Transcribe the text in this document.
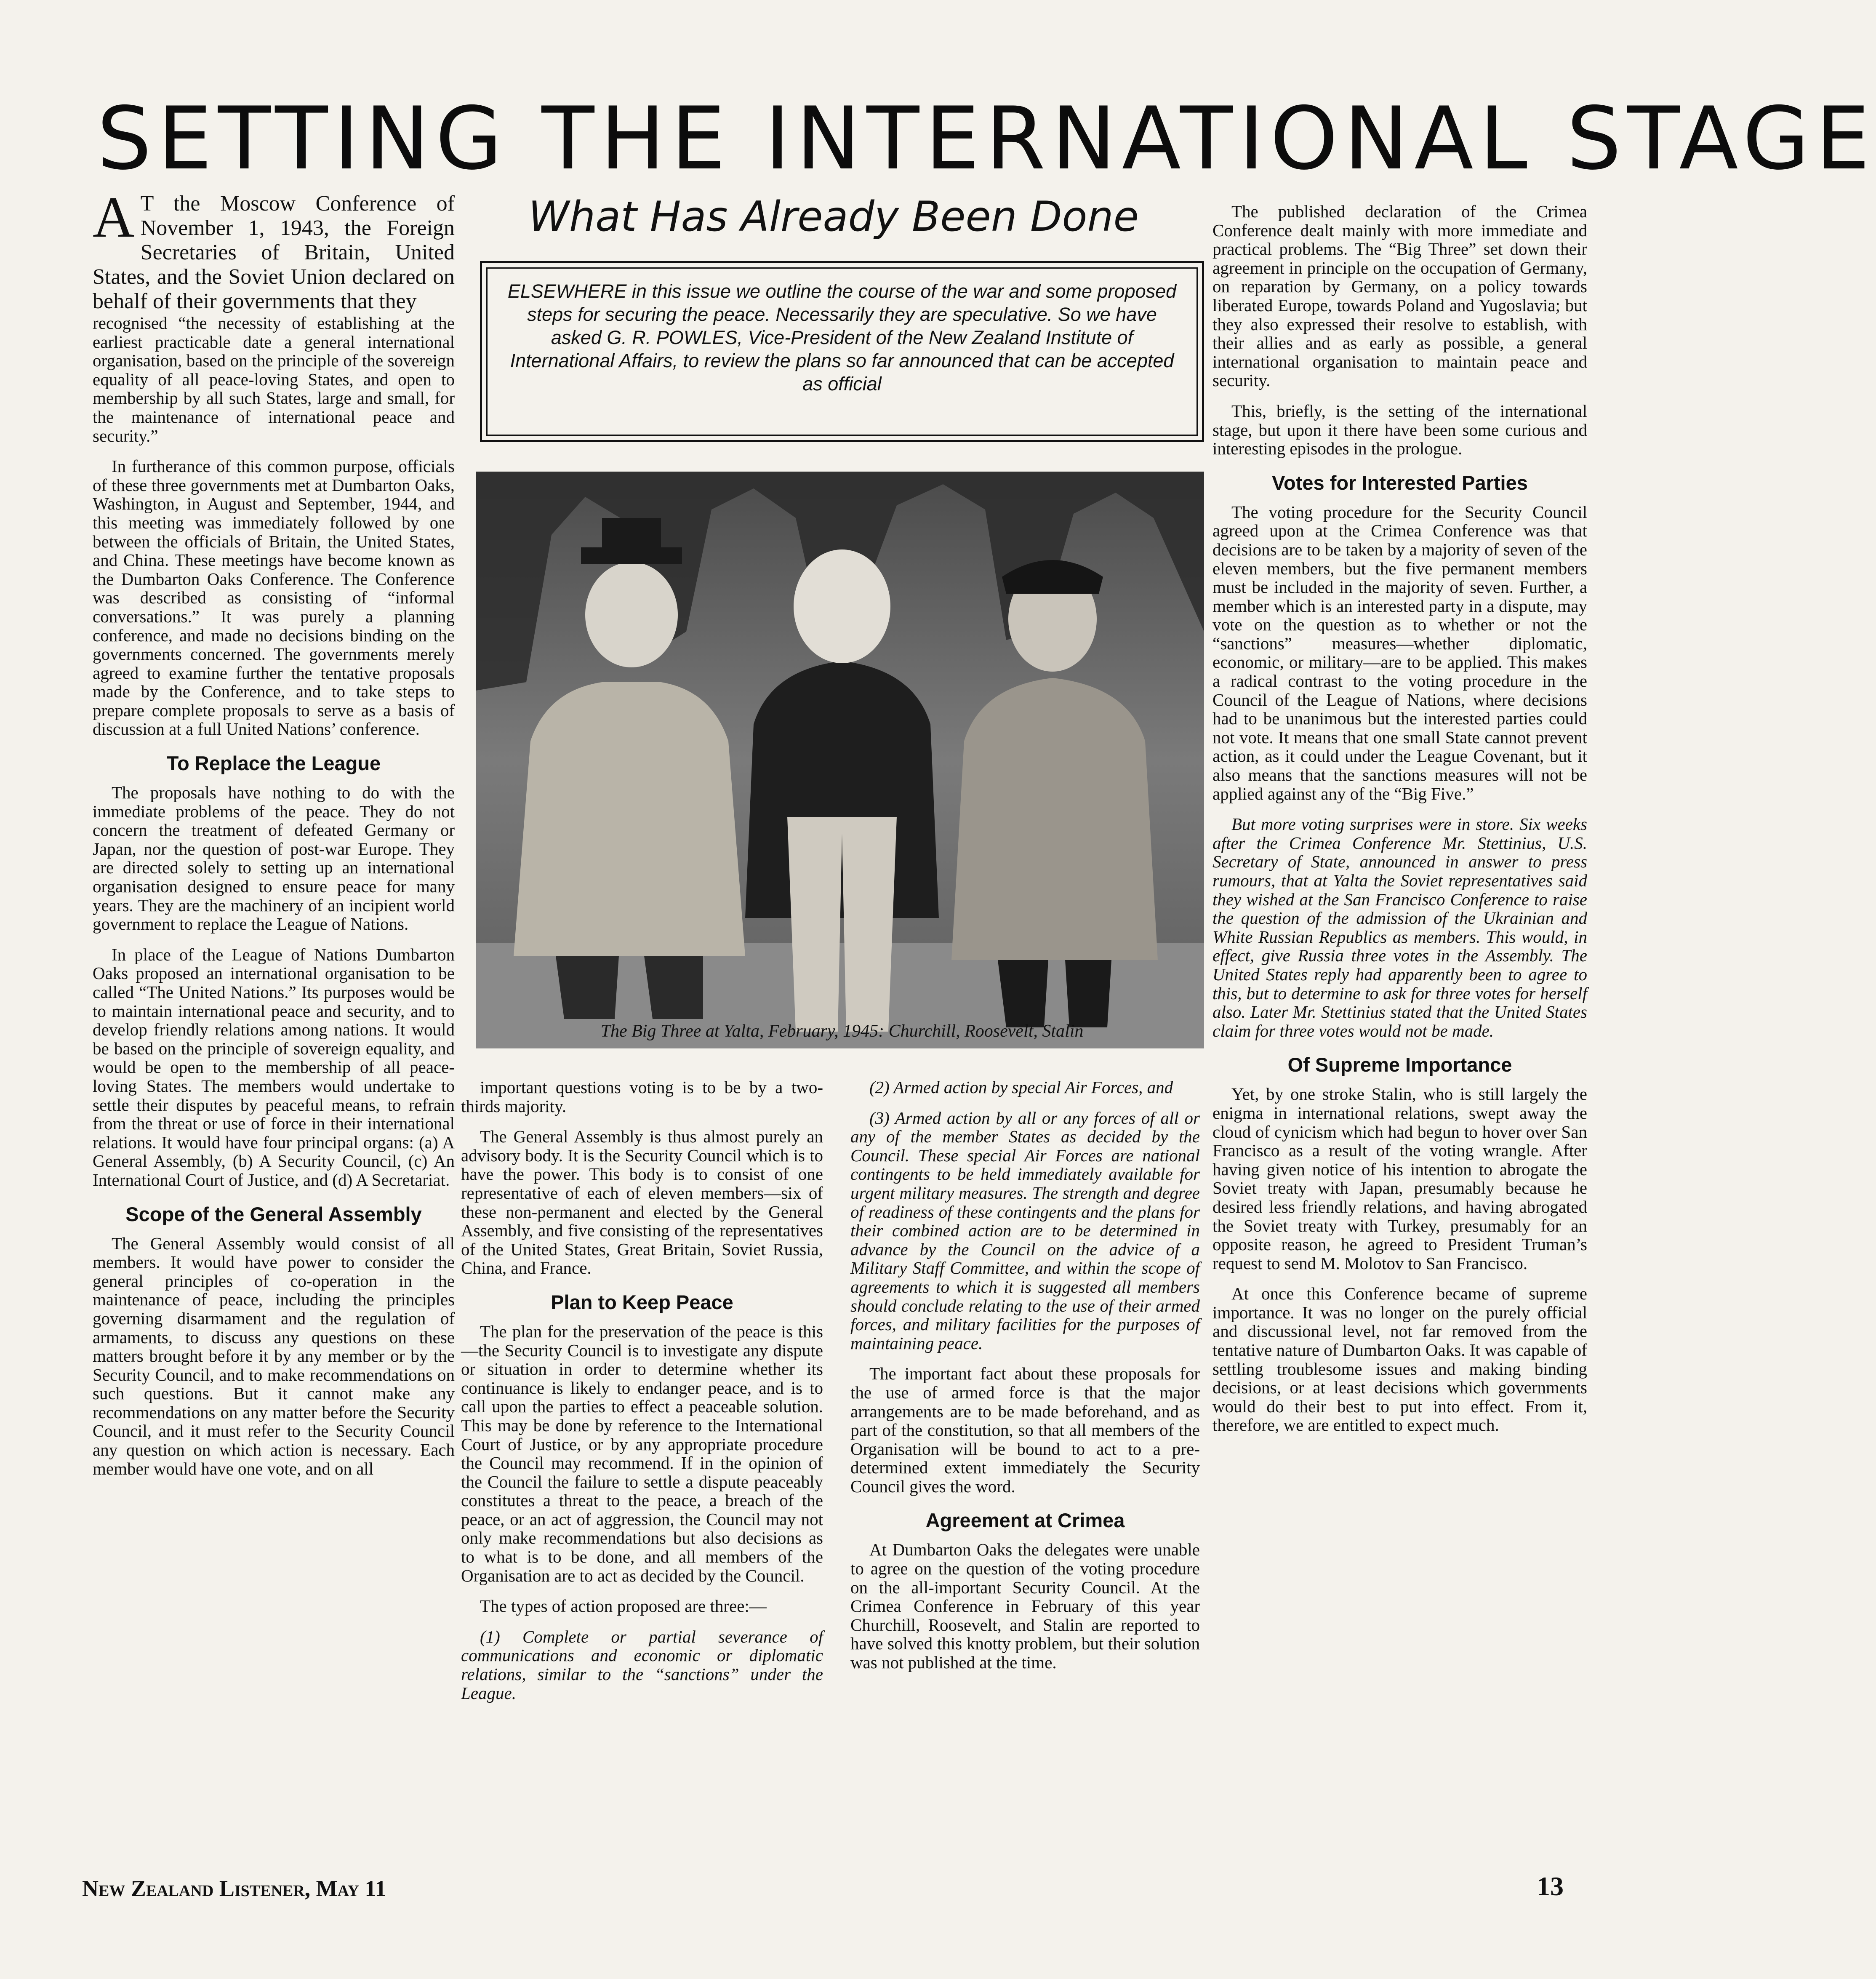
SETTING THE INTERNATIONAL STAGE
A T the Moscow Conference of November 1, 1943, the Foreign Secretaries of Britain, United States, and the Soviet Union declared on behalf of their governments that they

recognised “the necessity of establishing at the earliest practicable date a general international organisation, based on the principle of the sovereign equality of all peace-loving States, and open to membership by all such States, large and small, for the maintenance of international peace and security.”

In furtherance of this common purpose, officials of these three governments met at Dumbarton Oaks, Washington, in August and September, 1944, and this meeting was immediately followed by one between the officials of Britain, the United States, and China. These meetings have become known as the Dumbarton Oaks Conference. The Conference was described as consisting of “informal conversations.” It was purely a planning conference, and made no decisions binding on the governments concerned. The governments merely agreed to examine further the tentative proposals made by the Conference, and to take steps to prepare complete proposals to serve as a basis of discussion at a full United Nations’ conference.

To Replace the League

The proposals have nothing to do with the immediate problems of the peace. They do not concern the treatment of defeated Germany or Japan, nor the question of post-war Europe. They are directed solely to setting up an international organisation designed to ensure peace for many years. They are the machinery of an incipient world government to replace the League of Nations.

In place of the League of Nations Dumbarton Oaks proposed an international organisation to be called “The United Nations.” Its purposes would be to maintain international peace and security, and to develop friendly relations among nations. It would be based on the principle of sovereign equality, and would be open to the membership of all peace-loving States. The members would undertake to settle their disputes by peaceful means, to refrain from the threat or use of force in their international relations. It would have four principal organs: (a) A General Assembly, (b) A Security Council, (c) An International Court of Justice, and (d) A Secretariat.

Scope of the General Assembly

The General Assembly would consist of all members. It would have power to consider the general principles of co-operation in the maintenance of peace, including the principles governing disarmament and the regulation of armaments, to discuss any questions on these matters brought before it by any member or by the Security Council, and to make recommendations on such questions. But it cannot make any recommendations on any matter before the Security Council, and it must refer to the Security Council any question on which action is necessary. Each member would have one vote, and on all

What Has Already Been Done
ELSEWHERE in this issue we outline the course of the war and some proposed steps for securing the peace. Necessarily they are speculative. So we have asked G. R. POWLES, Vice-President of the New Zealand Institute of International Affairs, to review the plans so far announced that can be accepted as official

The Big Three at Yalta, February, 1945: Churchill, Roosevelt, Stalin

important questions voting is to be by a two-thirds majority.

The General Assembly is thus almost purely an advisory body. It is the Security Council which is to have the power. This body is to consist of one representative of each of eleven members—six of these non-permanent and elected by the General Assembly, and five consisting of the representatives of the United States, Great Britain, Soviet Russia, China, and France.

Plan to Keep Peace

The plan for the preservation of the peace is this—the Security Council is to investigate any dispute or situation in order to determine whether its continuance is likely to endanger peace, and is to call upon the parties to effect a peaceable solution. This may be done by reference to the International Court of Justice, or by any appropriate procedure the Council may recommend. If in the opinion of the Council the failure to settle a dispute peaceably constitutes a threat to the peace, a breach of the peace, or an act of aggression, the Council may not only make recommendations but also decisions as to what is to be done, and all members of the Organisation are to act as decided by the Council.

The types of action proposed are three:—

(1) Complete or partial severance of communications and economic or diplomatic relations, similar to the “sanctions” under the League.

(2) Armed action by special Air Forces, and

(3) Armed action by all or any forces of all or any of the member States as decided by the Council. These special Air Forces are national contingents to be held immediately available for urgent military measures. The strength and degree of readiness of these contingents and the plans for their combined action are to be determined in advance by the Council on the advice of a Military Staff Committee, and within the scope of agreements to which it is suggested all members should conclude relating to the use of their armed forces, and military facilities for the purposes of maintaining peace.

The important fact about these proposals for the use of armed force is that the major arrangements are to be made beforehand, and as part of the constitution, so that all members of the Organisation will be bound to act to a pre-determined extent immediately the Security Council gives the word.

Agreement at Crimea

At Dumbarton Oaks the delegates were unable to agree on the question of the voting procedure on the all-important Security Council. At the Crimea Conference in February of this year Churchill, Roosevelt, and Stalin are reported to have solved this knotty problem, but their solution was not published at the time.

The published declaration of the Crimea Conference dealt mainly with more immediate and practical problems. The “Big Three” set down their agreement in principle on the occupation of Germany, on reparation by Germany, on a policy towards liberated Europe, towards Poland and Yugoslavia; but they also expressed their resolve to establish, with their allies and as early as possible, a general international organisation to maintain peace and security.

This, briefly, is the setting of the international stage, but upon it there have been some curious and interesting episodes in the prologue.

Votes for Interested Parties

The voting procedure for the Security Council agreed upon at the Crimea Conference was that decisions are to be taken by a majority of seven of the eleven members, but the five permanent members must be included in the majority of seven. Further, a member which is an interested party in a dispute, may vote on the question as to whether or not the “sanctions” measures—whether diplomatic, economic, or military—are to be applied. This makes a radical contrast to the voting procedure in the Council of the League of Nations, where decisions had to be unanimous but the interested parties could not vote. It means that one small State cannot prevent action, as it could under the League Covenant, but it also means that the sanctions measures will not be applied against any of the “Big Five.”

But more voting surprises were in store. Six weeks after the Crimea Conference Mr. Stettinius, U.S. Secretary of State, announced in answer to press rumours, that at Yalta the Soviet representatives said they wished at the San Francisco Conference to raise the question of the admission of the Ukrainian and White Russian Republics as members. This would, in effect, give Russia three votes in the Assembly. The United States reply had apparently been to agree to this, but to determine to ask for three votes for herself also. Later Mr. Stettinius stated that the United States claim for three votes would not be made.

Of Supreme Importance

Yet, by one stroke Stalin, who is still largely the enigma in international relations, swept away the cloud of cynicism which had begun to hover over San Francisco as a result of the voting wrangle. After having given notice of his intention to abrogate the Soviet treaty with Japan, presumably because he desired less friendly relations, and having abrogated the Soviet treaty with Turkey, presumably for an opposite reason, he agreed to President Truman’s request to send M. Molotov to San Francisco.

At once this Conference became of supreme importance. It was no longer on the purely official and discussional level, not far removed from the tentative nature of Dumbarton Oaks. It was capable of settling troublesome issues and making binding decisions, or at least decisions which governments would do their best to put into effect. From it, therefore, we are entitled to expect much.

New Zealand Listener, May 11	13
